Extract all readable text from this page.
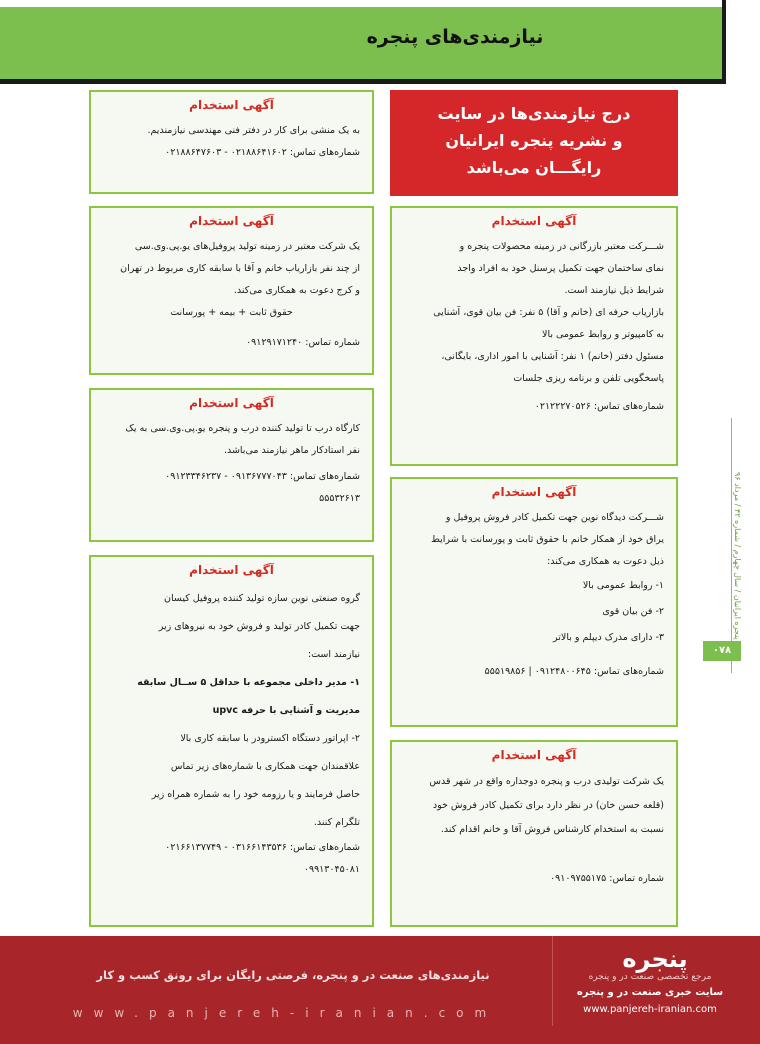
نیازمندی‌های پنجره
درج نیازمندی‌ها در سایت
و نشریه پنجره ایرانیان
رایگـــان می‌باشد
آگهی استخدام
به یک منشی برای کار در دفتر فنی مهندسی نیازمندیم.
شماره‌های تماس: ۰۲۱۸۸۶۴۱۶۰۲ - ۰۲۱۸۸۶۴۷۶۰۳
آگهی استخدام
یک شرکت معتبر در زمینه تولید پروفیل‌های یو.پی.وی.سی
از چند نفر بازاریاب خانم و آقا با سابقه کاری مربوط در تهران
و کرج دعوت به همکاری می‌کند.
حقوق ثابت + بیمه + پورسانت
شماره تماس: ۰۹۱۲۹۱۷۱۲۴۰
آگهی استخدام
کارگاه درب تا تولید کننده درب و پنجره یو.پی.وی.سی به یک
نفر استادکار ماهر نیازمند می‌باشد.
شماره‌های تماس: ۰۹۱۳۶۷۷۷۰۴۳ - ۰۹۱۲۳۳۴۶۲۳۷
۵۵۵۳۲۶۱۳
آگهی استخدام
گروه صنعتی نوین سازه تولید کننده پروفیل کیسان
جهت تکمیل کادر تولید و فروش خود به نیروهای زیر
نیازمند است:
۱- مدیر داخلی مجموعه با حداقل ۵ ســال سابقه
مدیریت و آشنایی با حرفه upvc
۲- اپراتور دستگاه اکسترودر با سابقه کاری بالا
علاقمندان جهت همکاری با شماره‌های زیر تماس
حاصل فرمایند و یا رزومه خود را به شماره همراه زیر
تلگرام کنند.
شماره‌های تماس: ۰۳۱۶۶۱۴۳۵۳۶ - ۰۲۱۶۶۱۳۷۷۴۹
۰۹۹۱۳۰۴۵۰۸۱
آگهی استخدام
شـــرکت معتبر بازرگانی در زمینه محصولات پنجره و
نمای ساختمان جهت تکمیل پرسنل خود به افراد واجد
شرایط ذیل نیازمند است.
بازاریاب حرفه ای (خانم و آقا) ۵ نفر: فن بیان قوی، آشنایی
به کامپیوتر و روابط عمومی بالا
مسئول دفتر (خانم) ۱ نفر: آشنایی با امور اداری، بایگانی،
پاسخگویی تلفن و برنامه ریزی جلسات
شماره‌های تماس: ۰۲۱۲۲۲۷۰۵۲۶
آگهی استخدام
شـــرکت دیدگاه نوین جهت تکمیل کادر فروش پروفیل و
یراق خود از همکار خانم با حقوق ثابت و پورسانت با شرایط
ذیل دعوت به همکاری می‌کند:
۱- روابط عمومی بالا
۲- فن بیان قوی
۳- دارای مدرک دیپلم و بالاتر
شماره‌های تماس: ۰۹۱۲۴۸۰۰۶۴۵ | ۵۵۵۱۹۸۵۶
آگهی استخدام
یک شرکت تولیدی درب و پنجره دوجداره واقع در شهر قدس
(قلعه حسن خان) در نظر دارد برای تکمیل کادر فروش خود
نسبت به استخدام کارشناس فروش آقا و خانم اقدام کند.
شماره تماس: ۰۹۱۰۹۷۵۵۱۷۵
پنجره ایرانیان / سال چهارم / شماره ۴۲ / مرداد ۹۶
۰۷۸
پنجره
مرجع تخصصی صنعت در و پنجره
سایت خبری صنعت در و پنجره
www.panjereh-iranian.com
نیازمندی‌های صنعت در و پنجره، فرصتی رایگان برای رونق کسب و کار
www.panjereh-iranian.com
